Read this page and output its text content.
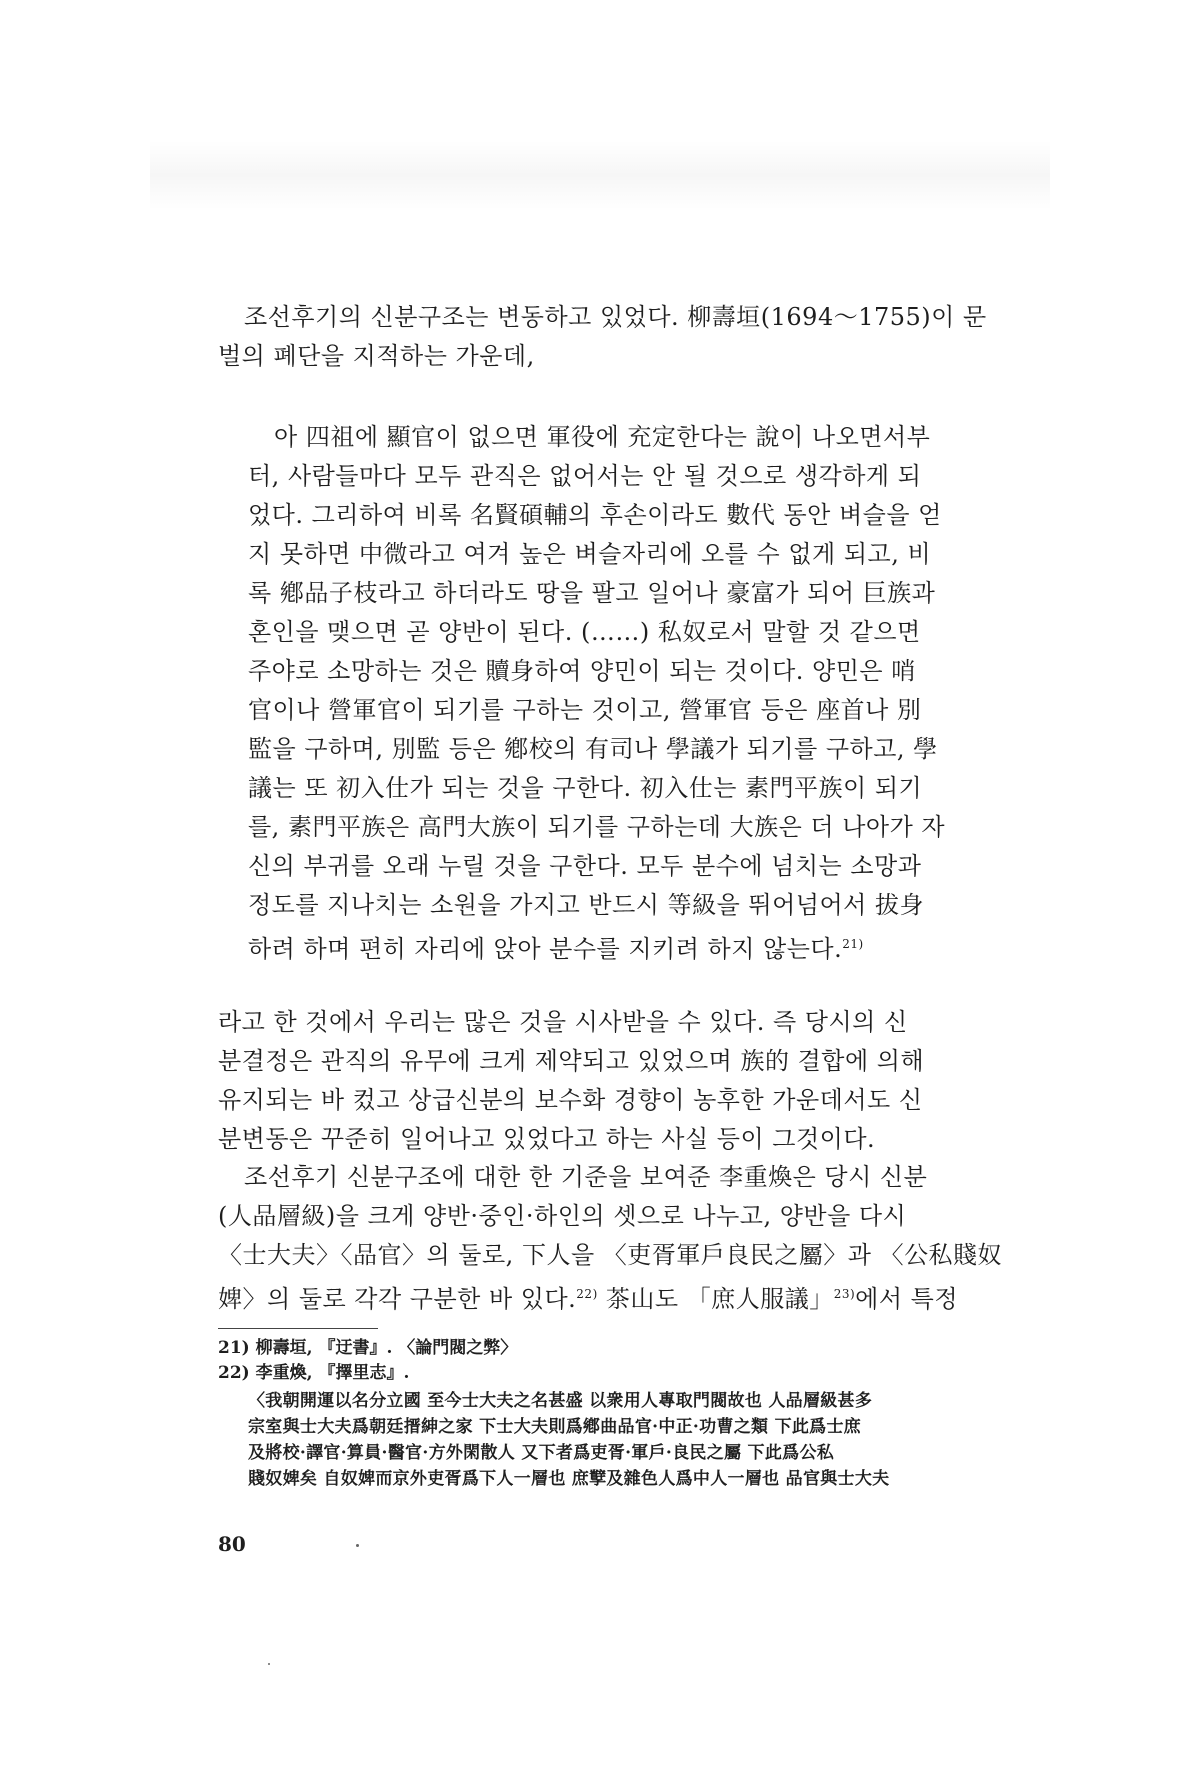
조선후기의 신분구조는 변동하고 있었다. 柳壽垣(1694～1755)이 문
벌의 폐단을 지적하는 가운데,

아 四祖에 顯官이 없으면 軍役에 充定한다는 說이 나오면서부
터, 사람들마다 모두 관직은 없어서는 안 될 것으로 생각하게 되
었다. 그리하여 비록 名賢碩輔의 후손이라도 數代 동안 벼슬을 얻
지 못하면 中微라고 여겨 높은 벼슬자리에 오를 수 없게 되고, 비
록 鄕品子枝라고 하더라도 땅을 팔고 일어나 豪富가 되어 巨族과
혼인을 맺으면 곧 양반이 된다. (……) 私奴로서 말할 것 같으면
주야로 소망하는 것은 贖身하여 양민이 되는 것이다. 양민은 哨
官이나 營軍官이 되기를 구하는 것이고, 營軍官 등은 座首나 別
監을 구하며, 別監 등은 鄕校의 有司나 學議가 되기를 구하고, 學
議는 또 初入仕가 되는 것을 구한다. 初入仕는 素門平族이 되기
를, 素門平族은 高門大族이 되기를 구하는데 大族은 더 나아가 자
신의 부귀를 오래 누릴 것을 구한다. 모두 분수에 넘치는 소망과
정도를 지나치는 소원을 가지고 반드시 等級을 뛰어넘어서 拔身
하려 하며 편히 자리에 앉아 분수를 지키려 하지 않는다.$^{21)}$

라고 한 것에서 우리는 많은 것을 시사받을 수 있다. 즉 당시의 신
분결정은 관직의 유무에 크게 제약되고 있었으며 族的 결합에 의해
유지되는 바 컸고 상급신분의 보수화 경향이 농후한 가운데서도 신
분변동은 꾸준히 일어나고 있었다고 하는 사실 등이 그것이다.

조선후기 신분구조에 대한 한 기준을 보여준 李重煥은 당시 신분
(人品層級)을 크게 양반·중인·하인의 셋으로 나누고, 양반을 다시
〈士大夫〉〈品官〉의 둘로, 下人을 〈吏胥軍戶良民之屬〉과 〈公私賤奴
婢〉의 둘로 각각 구분한 바 있다.$^{22)}$ 茶山도 「庶人服議」$^{23)}$에서 특정

21) 柳壽垣, 『迂書』. 〈論門閥之弊〉
22) 李重煥, 『擇里志』.
〈我朝開運以名分立國 至今士大夫之名甚盛 以衆用人專取門閥故也 人品層級甚多
宗室與士大夫爲朝廷搢紳之家 下士大夫則爲鄕曲品官·中正·功曹之類 下此爲士庶
及將校·譯官·算員·醫官·方外閑散人 又下者爲吏胥·軍戶·良民之屬 下此爲公私
賤奴婢矣 自奴婢而京外吏胥爲下人一層也 庶孼及雜色人爲中人一層也 品官與士大夫
80
